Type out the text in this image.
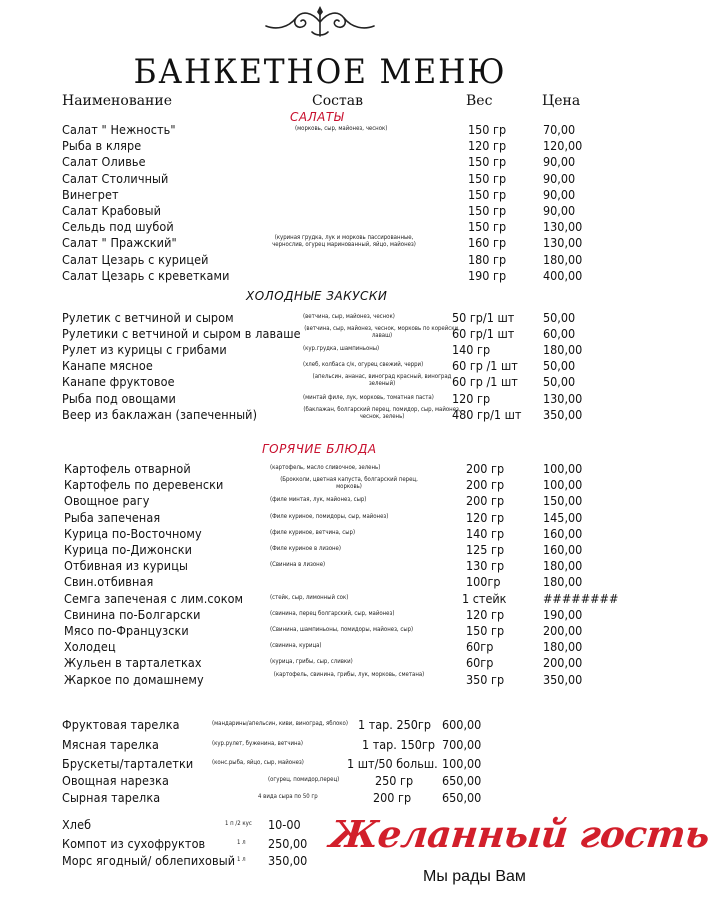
БАНКЕТНОЕ МЕНЮ
Наименование	Состав	Вес	Цена
САЛАТЫ
Салат " Нежность"	(морковь, сыр, майонез, чеснок)	150 гр	70,00
Рыба в кляре	120 гр	120,00
Салат Оливье	150 гр	90,00
Салат Столичный	150 гр	90,00
Винегрет	150 гр	90,00
Салат Крабовый	150 гр	90,00
Сельдь под шубой	150 гр	130,00
Салат " Пражский"	(куриная грудка, лук и морковь пассированные, чернослив, огурец маринованный, яйцо, майонез)	160 гр	130,00
Салат Цезарь с курицей	180 гр	180,00
Салат Цезарь с креветками	190 гр	400,00
ХОЛОДНЫЕ ЗАКУСКИ
Рулетик с ветчиной и сыром	(ветчина, сыр, майонез, чеснок)	50 гр/1 шт 50,00
Рулетики с ветчиной и сыром в лаваше (ветчина, сыр, майонез, чеснок, морковь по корейски, лаваш)	60 гр/1 шт 60,00
Рулет из курицы с грибами	(кур.грудка, шампиньоны)	140 гр	180,00
Канапе мясное	(хлеб, колбаса с/к, огурец свежий, черри) 60 гр /1 шт 50,00
Канапе фруктовое	(апельсин, ананас, виноград красный, виноград зеленый)	60 гр /1 шт 50,00
Рыба под овощами	(минтай филе, лук, морковь, томатная паста) 120 гр	130,00
Веер из баклажан (запеченный)	(баклажан, болгарский перец, помидор, сыр, майонез, чеснок, зелень)	480 гр/1 шт 350,00
ГОРЯЧИЕ БЛЮДА
Картофель отварной	(картофель, масло сливочное, зелень)	200 гр	100,00
Картофель по деревенски	(Брокколи, цветная капуста, болгарский перец, морковь)	200 гр	100,00
Овощное рагу	(филе минтая, лук, майонез, сыр)	200 гр	150,00
Рыба запеченая	(Филе куриное, помидоры, сыр, майонез)	120 гр	145,00
Курица по-Восточному	(филе куриное, ветчина, сыр)	140 гр	160,00
Курица по-Дижонски	(Филе куриное в лизоне)	125 гр	160,00
Отбивная из курицы	(Свинина в лизоне)	130 гр	180,00
Свин.отбивная	100гр	180,00
Семга запеченая с лим.соком	(стейк, сыр, лимонный сок)	1 стейк	########
Свинина по-Болгарски	(свинина, перец болгарский, сыр, майонез)	120 гр	190,00
Мясо по-Французски	(Свинина, шампиньоны, помидоры, майонез, сыр)	150 гр	200,00
Холодец	(свинина, курица)	60гр	180,00
Жульен в тарталетках	(курица, грибы, сыр, сливки)	60гр	200,00
Жаркое по домашнему	(картофель, свинина, грибы, лук, морковь, сметана)	350 гр	350,00
Фруктовая тарелка	(мандарины/апельсин, киви, виноград, яблоко) 1 тар. 250гр 600,00
Мясная тарелка	(кур.рулет, буженина, ветчина)	1 тар. 150гр 700,00
Брускеты/тарталетки	(конс.рыба, яйцо, сыр, майонез)	1 шт/50 больш. 100,00
Овощная нарезка	(огурец, помидор,перец)	250 гр 650,00
Сырная тарелка	4 вида сыра по 50 гр	200 гр 650,00
Хлеб	1 п /2 кус 10-00
Компот из сухофруктов	1 л 250,00
Морс ягодный/ облепиховый 1 л 350,00
Желанный гость
Мы рады Вам
